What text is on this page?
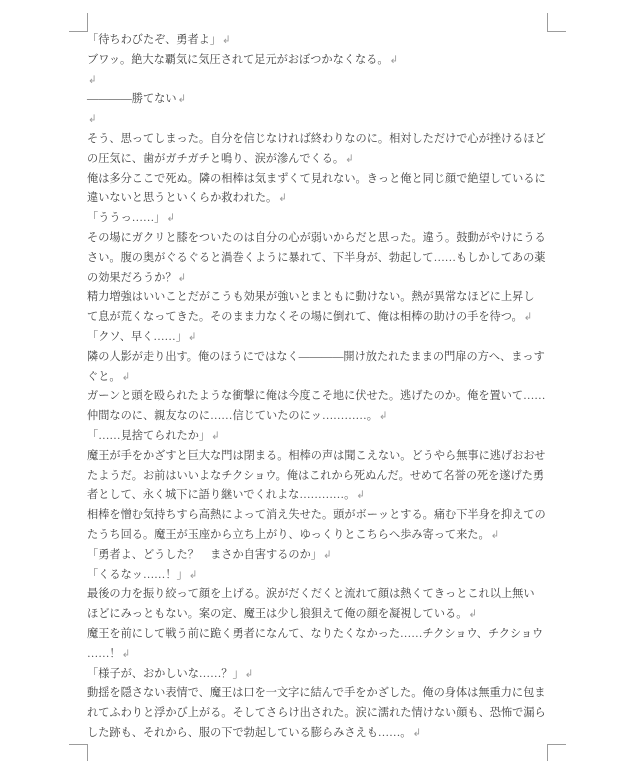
「待ちわびたぞ、勇者よ」↲
ブワッ。絶大な覇気に気圧されて足元がおぼつかなくなる。↲
↲
――――勝てない↲
↲
そう、思ってしまった。自分を信じなければ終わりなのに。相対しただけで心が挫けるほど
の圧気に、歯がガチガチと鳴り、涙が滲んでくる。↲
俺は多分ここで死ぬ。隣の相棒は気まずくて見れない。きっと俺と同じ顔で絶望しているに
違いないと思うといくらか救われた。↲
「ううっ……」↲
その場にガクリと膝をついたのは自分の心が弱いからだと思った。違う。鼓動がやけにうる
さい。腹の奥がぐるぐると渦巻くように暴れて、下半身が、勃起して……もしかしてあの薬
の効果だろうか？↲
精力増強はいいことだがこうも効果が強いとまともに動けない。熱が異常なほどに上昇し
て息が荒くなってきた。そのまま力なくその場に倒れて、俺は相棒の助けの手を待つ。↲
「クソ、早く……」↲
隣の人影が走り出す。俺のほうにではなく――――開け放たれたままの門扉の方へ、まっす
ぐと。↲
ガーンと頭を殴られたような衝撃に俺は今度こそ地に伏せた。逃げたのか。俺を置いて……
仲間なのに、親友なのに……信じていたのにッ…………。↲
「……見捨てられたか」↲
魔王が手をかざすと巨大な門は閉まる。相棒の声は聞こえない。どうやら無事に逃げおおせ
たようだ。お前はいいよなチクショウ。俺はこれから死ぬんだ。せめて名誉の死を遂げた勇
者として、永く城下に語り継いでくれよな…………。↲
相棒を憎む気持ちすら高熱によって消え失せた。頭がボーッとする。痛む下半身を抑えての
たうち回る。魔王が玉座から立ち上がり、ゆっくりとこちらへ歩み寄って来た。↲
「勇者よ、どうした？　まさか自害するのか」↲
「くるなッ……！」↲
最後の力を振り絞って顔を上げる。涙がだくだくと流れて顔は熱くてきっとこれ以上無い
ほどにみっともない。案の定、魔王は少し狼狽えて俺の顔を凝視している。↲
魔王を前にして戦う前に跪く勇者になんて、なりたくなかった……チクショウ、チクショウ
……！↲
「様子が、おかしいな……？」↲
動揺を隠さない表情で、魔王は口を一文字に結んで手をかざした。俺の身体は無重力に包ま
れてふわりと浮かび上がる。そしてさらけ出された。涙に濡れた情けない顔も、恐怖で漏ら
した跡も、それから、服の下で勃起している膨らみさえも……。↲
